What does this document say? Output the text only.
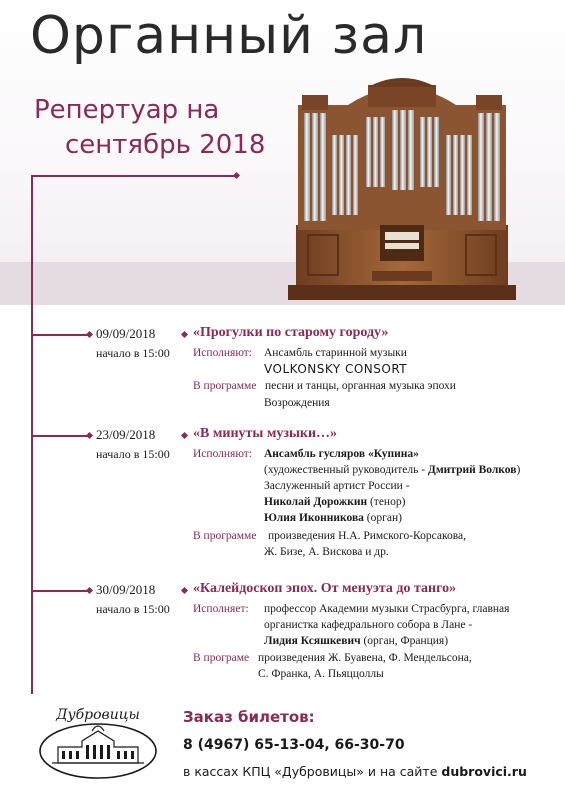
Органный зал
Репертуар на
сентябрь 2018
09/09/2018
начало в 15:00
«Прогулки по старому городу»
Исполняют: Ансамбль старинной музыки
VOLKONSKY CONSORT
В программе песни и танцы, органная музыка эпохи
Возрождения
23/09/2018
начало в 15:00
«В минуты музыки…»
Исполняют: Ансамбль гусляров «Купина»
(художественный руководитель - Дмитрий Волков)
Заслуженный артист России -
Николай Дорожкин (тенор)
Юлия Иконникова (орган)
В программе произведения Н.А. Римского-Корсакова,
Ж. Бизе, А. Вискова и др.
30/09/2018
начало в 15:00
«Калейдоскоп эпох. От менуэта до танго»
Исполняет: профессор Академии музыки Страсбурга, главная
органистка кафедрального собора в Лане -
Лидия Ксяшкевич (орган, Франция)
В програме произведения Ж. Буавена, Ф. Мендельсона,
С. Франка, А. Пьяццоллы
Дубровицы	Заказ билетов:
8 (4967) 65-13-04, 66-30-70
в кассах КПЦ «Дубровицы» и на сайте dubrovici.ru
